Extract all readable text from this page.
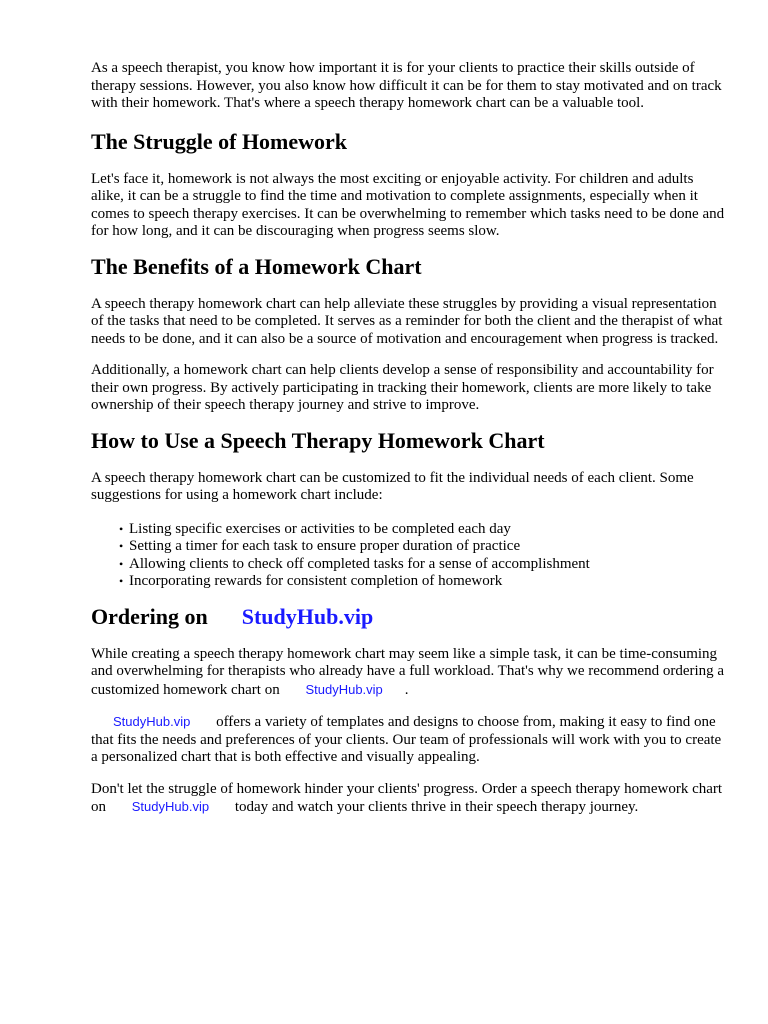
As a speech therapist, you know how important it is for your clients to practice their skills outside of therapy sessions. However, you also know how difficult it can be for them to stay motivated and on track with their homework. That's where a speech therapy homework chart can be a valuable tool.

The Struggle of Homework

Let's face it, homework is not always the most exciting or enjoyable activity. For children and adults alike, it can be a struggle to find the time and motivation to complete assignments, especially when it comes to speech therapy exercises. It can be overwhelming to remember which tasks need to be done and for how long, and it can be discouraging when progress seems slow.

The Benefits of a Homework Chart

A speech therapy homework chart can help alleviate these struggles by providing a visual representation of the tasks that need to be completed. It serves as a reminder for both the client and the therapist of what needs to be done, and it can also be a source of motivation and encouragement when progress is tracked.

Additionally, a homework chart can help clients develop a sense of responsibility and accountability for their own progress. By actively participating in tracking their homework, clients are more likely to take ownership of their speech therapy journey and strive to improve.

How to Use a Speech Therapy Homework Chart

A speech therapy homework chart can be customized to fit the individual needs of each client. Some suggestions for using a homework chart include:

• Listing specific exercises or activities to be completed each day
• Setting a timer for each task to ensure proper duration of practice
• Allowing clients to check off completed tasks for a sense of accomplishment
• Incorporating rewards for consistent completion of homework
Ordering on StudyHub.vip

While creating a speech therapy homework chart may seem like a simple task, it can be time-consuming and overwhelming for therapists who already have a full workload. That's why we recommend ordering a customized homework chart on StudyHub.vip .

StudyHub.vip offers a variety of templates and designs to choose from, making it easy to find one that fits the needs and preferences of your clients. Our team of professionals will work with you to create a personalized chart that is both effective and visually appealing.

Don't let the struggle of homework hinder your clients' progress. Order a speech therapy homework chart on StudyHub.vip today and watch your clients thrive in their speech therapy journey.
